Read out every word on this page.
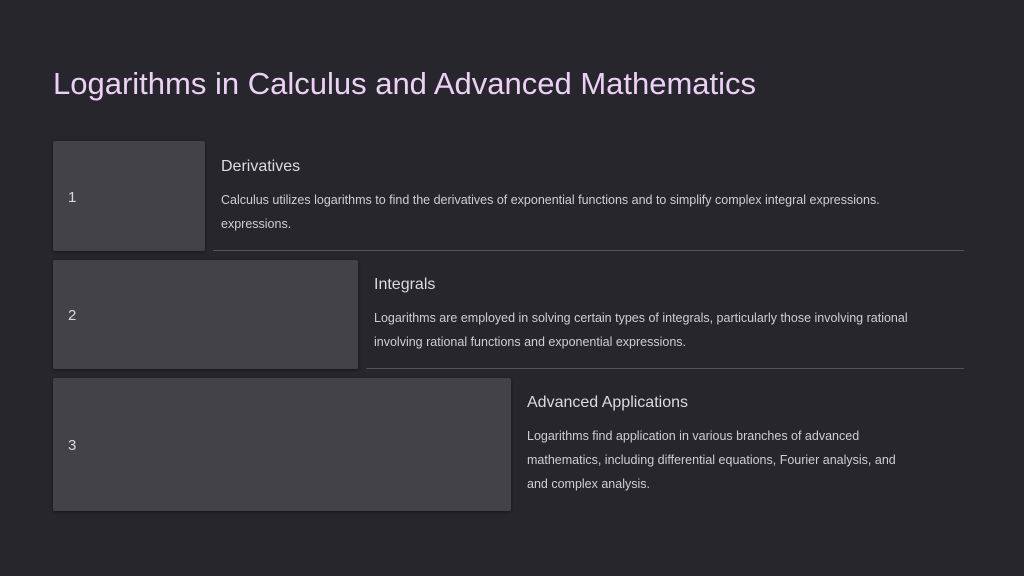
Logarithms in Calculus and Advanced Mathematics
1

Derivatives

Calculus utilizes logarithms to find the derivatives of exponential functions and to simplify complex integral expressions.

expressions.

2

Integrals

Logarithms are employed in solving certain types of integrals, particularly those involving rational

involving rational functions and exponential expressions.

3

Advanced Applications

Logarithms find application in various branches of advanced

mathematics, including differential equations, Fourier analysis, and

and complex analysis.
